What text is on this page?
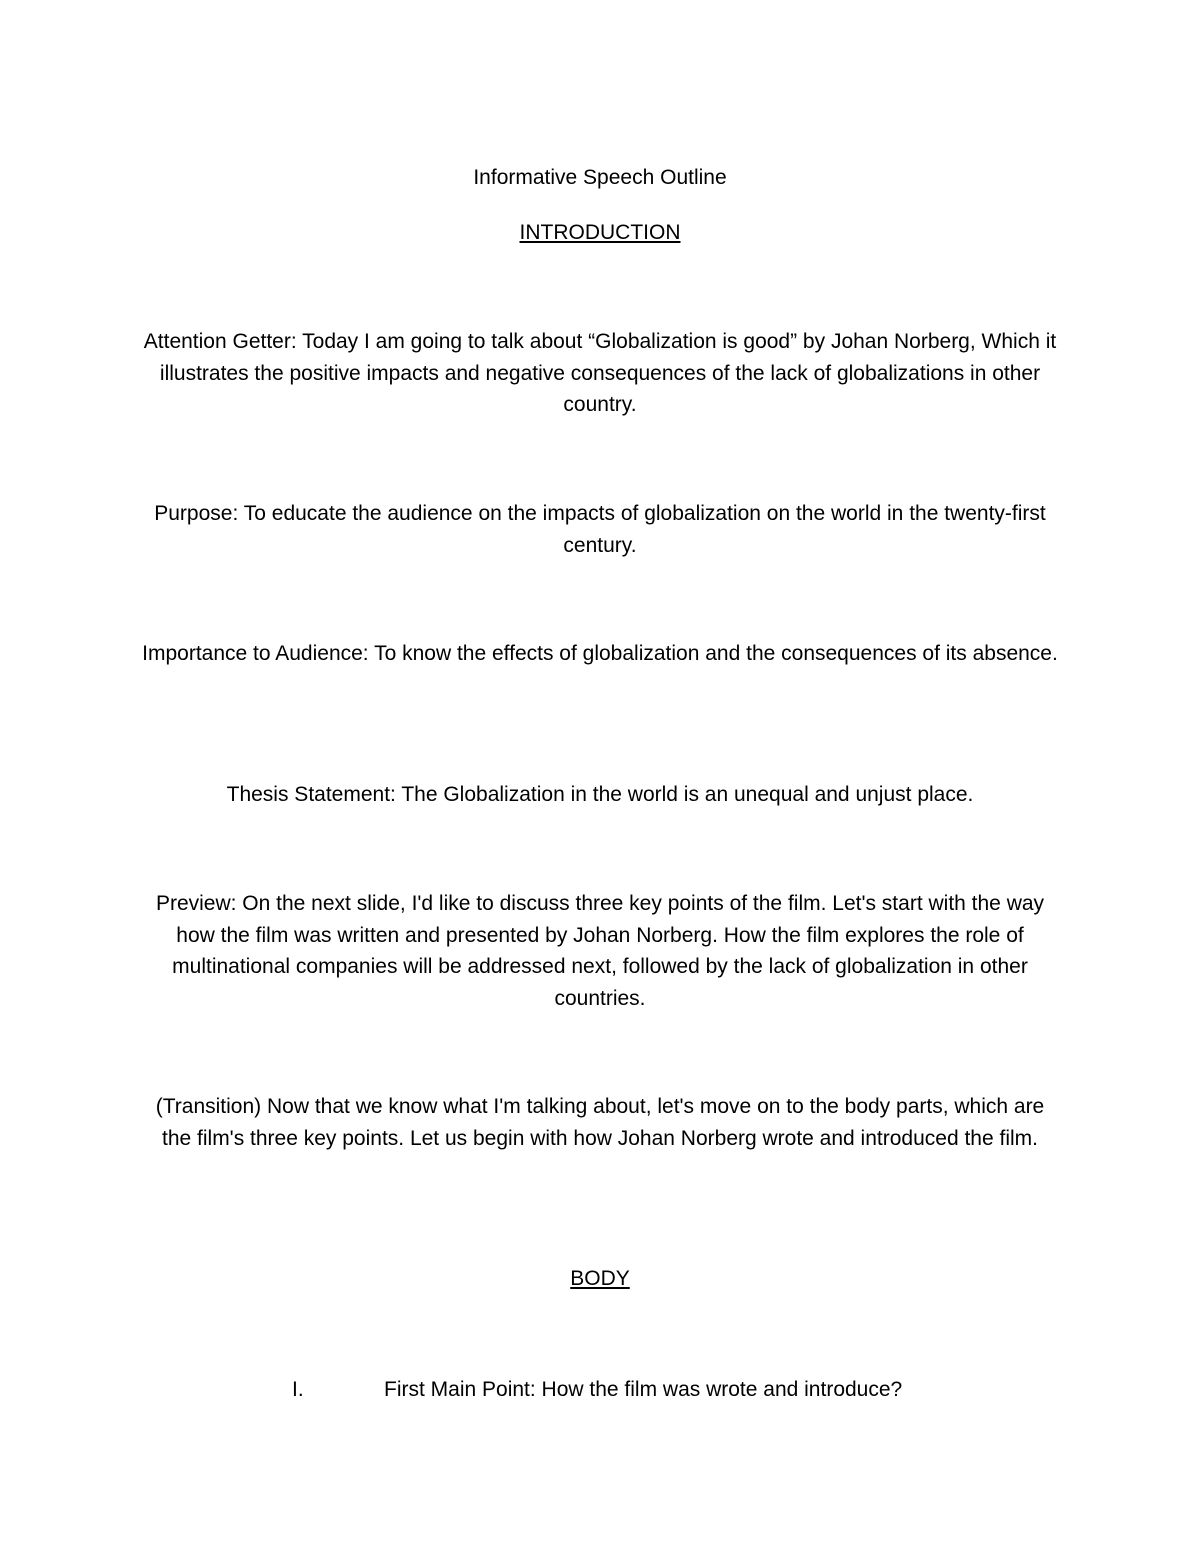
Informative Speech Outline

INTRODUCTION

Attention Getter: Today I am going to talk about “Globalization is good” by Johan Norberg, Which it illustrates the positive impacts and negative consequences of the lack of globalizations in other country.

Purpose: To educate the audience on the impacts of globalization on the world in the twenty-first century.

Importance to Audience: To know the effects of globalization and the consequences of its absence.

Thesis Statement: The Globalization in the world is an unequal and unjust place.

Preview: On the next slide, I'd like to discuss three key points of the film. Let's start with the way how the film was written and presented by Johan Norberg. How the film explores the role of multinational companies will be addressed next, followed by the lack of globalization in other countries.

(Transition) Now that we know what I'm talking about, let's move on to the body parts, which are the film's three key points. Let us begin with how Johan Norberg wrote and introduced the film.

BODY

I.	First Main Point: How the film was wrote and introduce?
